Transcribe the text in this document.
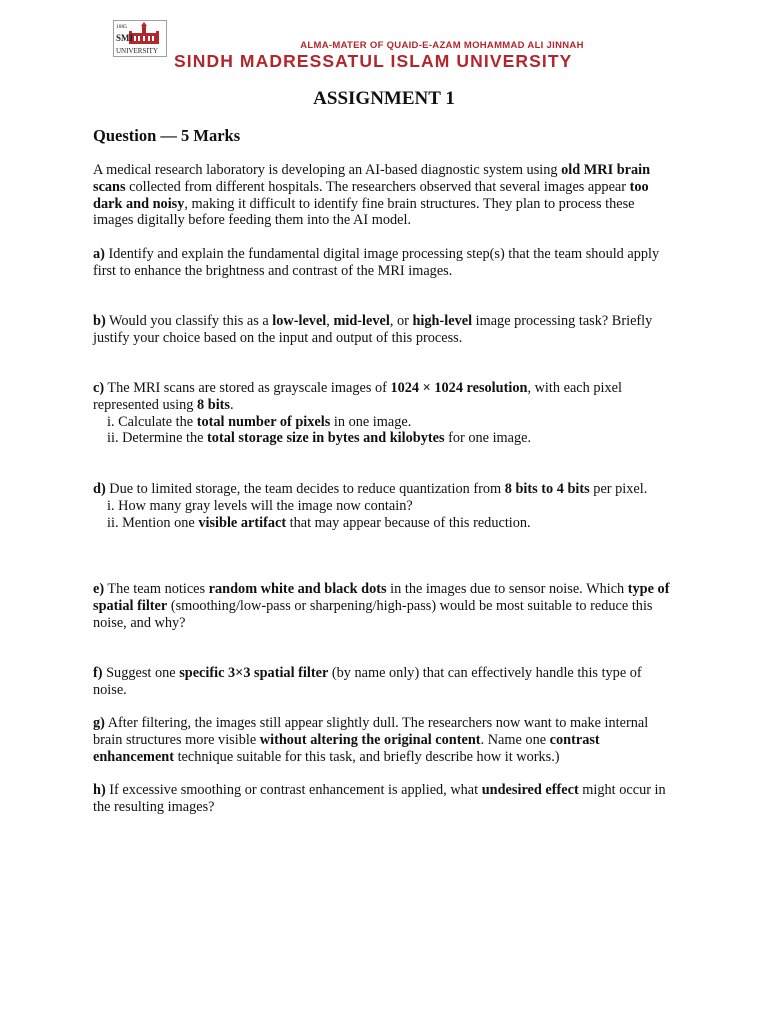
1885
SMI
UNIVERSITY	ALMA-MATER OF QUAID-E-AZAM MOHAMMAD ALI JINNAH
SINDH MADRESSATUL ISLAM UNIVERSITY
ASSIGNMENT 1
Question — 5 Marks
A medical research laboratory is developing an AI-based diagnostic system using old MRI brain scans collected from different hospitals. The researchers observed that several images appear too dark and noisy, making it difficult to identify fine brain structures. They plan to process these images digitally before feeding them into the AI model.
a) Identify and explain the fundamental digital image processing step(s) that the team should apply first to enhance the brightness and contrast of the MRI images.
b) Would you classify this as a low-level, mid-level, or high-level image processing task? Briefly justify your choice based on the input and output of this process.
c) The MRI scans are stored as grayscale images of 1024 × 1024 resolution, with each pixel represented using 8 bits.
i. Calculate the total number of pixels in one image.
ii. Determine the total storage size in bytes and kilobytes for one image.
d) Due to limited storage, the team decides to reduce quantization from 8 bits to 4 bits per pixel.
i. How many gray levels will the image now contain?
ii. Mention one visible artifact that may appear because of this reduction.
e) The team notices random white and black dots in the images due to sensor noise. Which type of spatial filter (smoothing/low-pass or sharpening/high-pass) would be most suitable to reduce this noise, and why?
f) Suggest one specific 3×3 spatial filter (by name only) that can effectively handle this type of noise.
g) After filtering, the images still appear slightly dull. The researchers now want to make internal brain structures more visible without altering the original content. Name one contrast enhancement technique suitable for this task, and briefly describe how it works.)
h) If excessive smoothing or contrast enhancement is applied, what undesired effect might occur in the resulting images?
